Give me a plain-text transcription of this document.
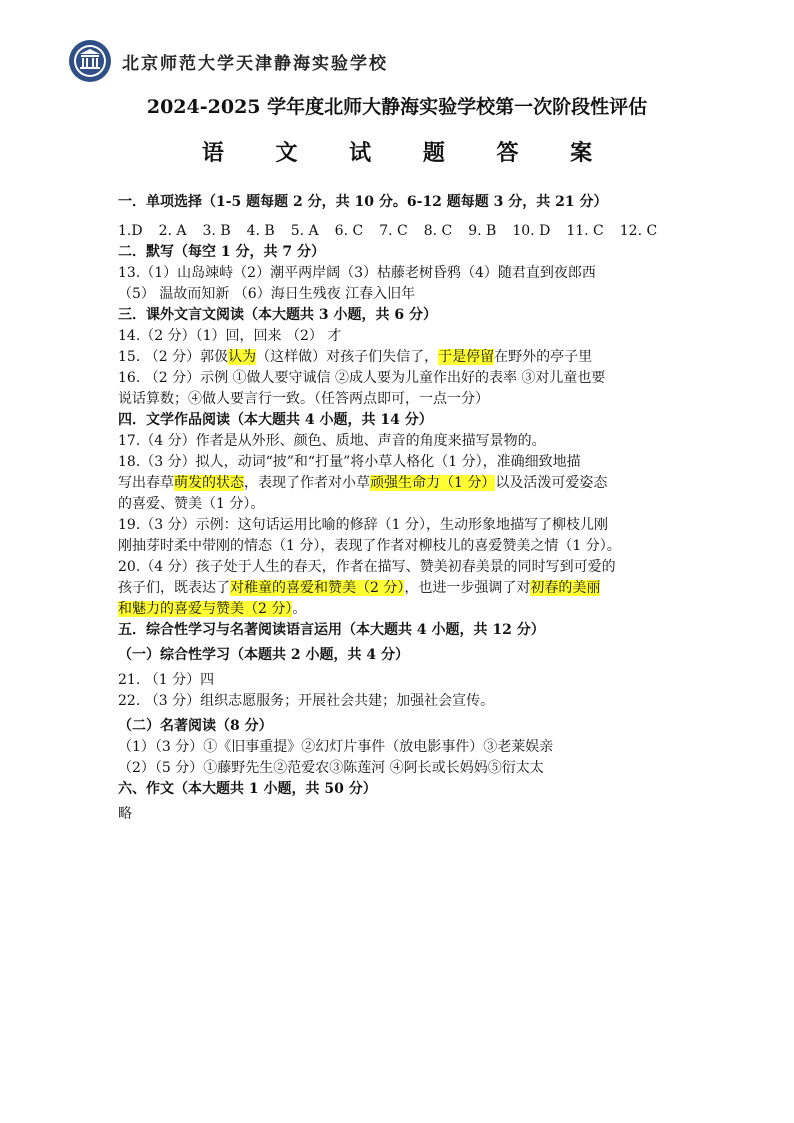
北京师范大学天津静海实验学校
2024-2025 学年度北师大静海实验学校第一次阶段性评估
语 文 试 题 答 案
一．单项选择（1-5 题每题 2 分，共 10 分。6-12 题每题 3 分，共 21 分）
1.D 2. A 3. B 4. B 5. A 6. C 7. C 8. C 9. B 10. D 11. C 12. C
二．默写（每空 1 分，共 7 分）
13.（1）山岛竦峙（2）潮平两岸阔（3）枯藤老树昏鸦（4）随君直到夜郎西
（5） 温故而知新 （6）海日生残夜 江春入旧年
三．课外文言文阅读（本大题共 3 小题，共 6 分）
14.（2 分）（1）回，回来 （2） 才
15. （2 分）郭伋认为（这样做）对孩子们失信了，于是停留在野外的亭子里
16. （2 分）示例 ①做人要守诚信 ②成人要为儿童作出好的表率 ③对儿童也要
说话算数；④做人要言行一致。（任答两点即可，一点一分）
四．文学作品阅读（本大题共 4 小题，共 14 分）
17.（4 分）作者是从外形、颜色、质地、声音的角度来描写景物的。
18.（3 分）拟人，动词“披”和“打量”将小草人格化（1 分），准确细致地描
写出春草萌发的状态，表现了作者对小草顽强生命力（1 分）以及活泼可爱姿态
的喜爱、赞美（1 分）。
19.（3 分）示例：这句话运用比喻的修辞（1 分），生动形象地描写了柳枝儿刚
刚抽芽时柔中带刚的情态（1 分），表现了作者对柳枝儿的喜爱赞美之情（1 分）。
20.（4 分）孩子处于人生的春天，作者在描写、赞美初春美景的同时写到可爱的
孩子们，既表达了对稚童的喜爱和赞美（2 分），也进一步强调了对初春的美丽
和魅力的喜爱与赞美（2 分）。
五．综合性学习与名著阅读语言运用（本大题共 4 小题，共 12 分）
（一）综合性学习（本题共 2 小题，共 4 分）
21. （1 分）四
22. （3 分）组织志愿服务；开展社会共建；加强社会宣传。
（二）名著阅读（8 分）
（1）（3 分）①《旧事重提》②幻灯片事件（放电影事件）③老莱娱亲
（2）（5 分）①藤野先生②范爱农③陈莲河 ④阿长或长妈妈⑤衍太太
六、作文（本大题共 1 小题，共 50 分）
略
